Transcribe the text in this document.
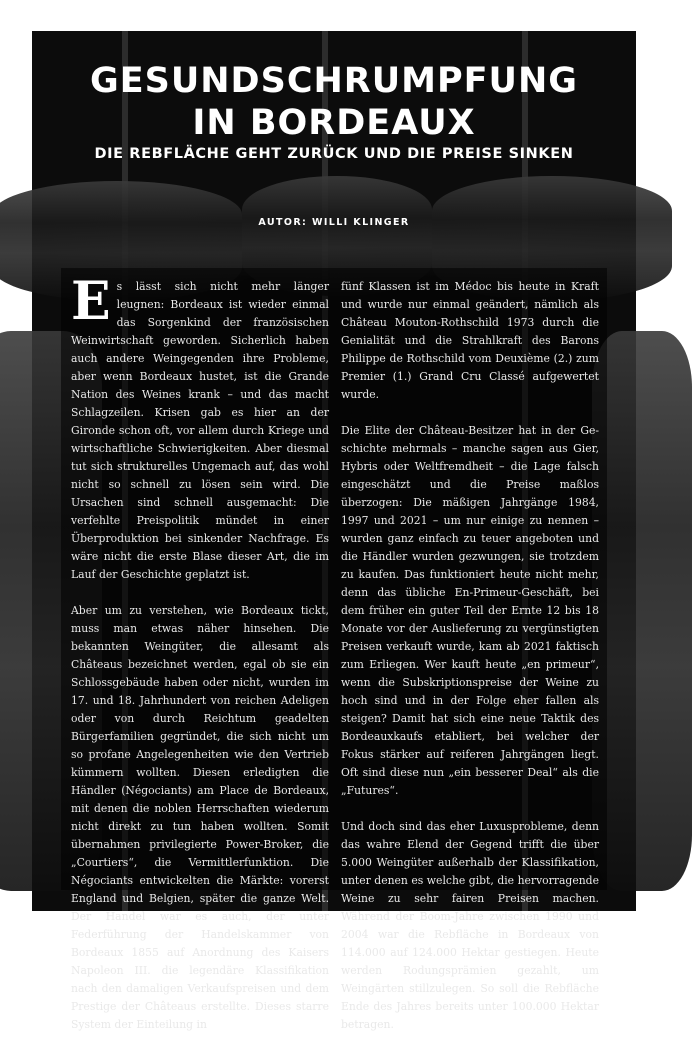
GESUNDSCHRUMPFUNG
IN BORDEAUX
DIE REBFLÄCHE GEHT ZURÜCK UND DIE PREISE SINKEN
AUTOR: WILLI KLINGER

Es lässt sich nicht mehr länger leugnen: Bordeaux ist wieder einmal das Sorgenkind der französischen Weinwirtschaft geworden. Sicherlich haben auch andere Weingegenden ihre Probleme, aber wenn Bordeaux hustet, ist die Grande Nation des Weines krank – und das macht Schlagzeilen. Krisen gab es hier an der Gironde schon oft, vor allem durch Kriege und wirtschaftliche Schwierigkeiten. Aber diesmal tut sich strukturelles Ungemach auf, das wohl nicht so schnell zu lösen sein wird. Die Ursachen sind schnell ausgemacht: Die verfehlte Preispolitik mündet in einer Überproduktion bei sinkender Nachfrage. Es wäre nicht die erste Blase dieser Art, die im Lauf der Geschichte geplatzt ist.

Aber um zu verstehen, wie Bordeaux tickt, muss man etwas näher hinsehen. Die bekannten Weingüter, die allesamt als Châteaus bezeichnet werden, egal ob sie ein Schlossgebäude haben oder nicht, wurden im 17. und 18. Jahrhundert von reichen Adeligen oder von durch Reichtum geadelten Bürgerfamilien gegründet, die sich nicht um so profane Angelegenheiten wie den Vertrieb kümmern wollten. Diesen erledigten die Händler (Négociants) am Place de Bordeaux, mit denen die noblen Herrschaften wiederum nicht direkt zu tun haben wollten. Somit übernahmen privilegierte Power-Broker, die „Courtiers“, die Vermittlerfunktion. Die Négociants entwickelten die Märkte: vorerst England und Belgien, später die ganze Welt. Der Handel war es auch, der unter Federführung der Handelskammer von Bordeaux 1855 auf Anordnung des Kaisers Napoleon III. die legendäre Klassifikation nach den damaligen Verkaufspreisen und dem Prestige der Châteaus erstellte. Dieses starre System der Einteilung in

fünf Klassen ist im Médoc bis heute in Kraft und wurde nur einmal geändert, nämlich als Château Mouton-Rothschild 1973 durch die Genialität und die Strahlkraft des Barons Philippe de Rothschild vom Deuxième (2.) zum Premier (1.) Grand Cru Classé aufgewertet wurde.

Die Elite der Château-Besitzer hat in der Geschichte mehrmals – manche sagen aus Gier, Hybris oder Weltfremdheit – die Lage falsch eingeschätzt und die Preise maßlos überzogen: Die mäßigen Jahrgänge 1984, 1997 und 2021 – um nur einige zu nennen – wurden ganz einfach zu teuer angeboten und die Händler wurden gezwungen, sie trotzdem zu kaufen. Das funktioniert heute nicht mehr, denn das übliche En-Primeur-Geschäft, bei dem früher ein guter Teil der Ernte 12 bis 18 Monate vor der Auslieferung zu vergünstigten Preisen verkauft wurde, kam ab 2021 faktisch zum Erliegen. Wer kauft heute „en primeur“, wenn die Subskriptionspreise der Weine zu hoch sind und in der Folge eher fallen als steigen? Damit hat sich eine neue Taktik des Bordeauxkaufs etabliert, bei welcher der Fokus stärker auf reiferen Jahrgängen liegt. Oft sind diese nun „ein besserer Deal“ als die „Futures“.

Und doch sind das eher Luxusprobleme, denn das wahre Elend der Gegend trifft die über 5.000 Weingüter außerhalb der Klassifikation, unter denen es welche gibt, die hervorragende Weine zu sehr fairen Preisen machen. Während der Boom-Jahre zwischen 1990 und 2004 war die Rebfläche in Bordeaux von 114.000 auf 124.000 Hektar gestiegen. Heute werden Rodungsprämien gezahlt, um Weingärten stillzulegen. So soll die Rebfläche Ende des Jahres bereits unter 100.000 Hektar betragen.
